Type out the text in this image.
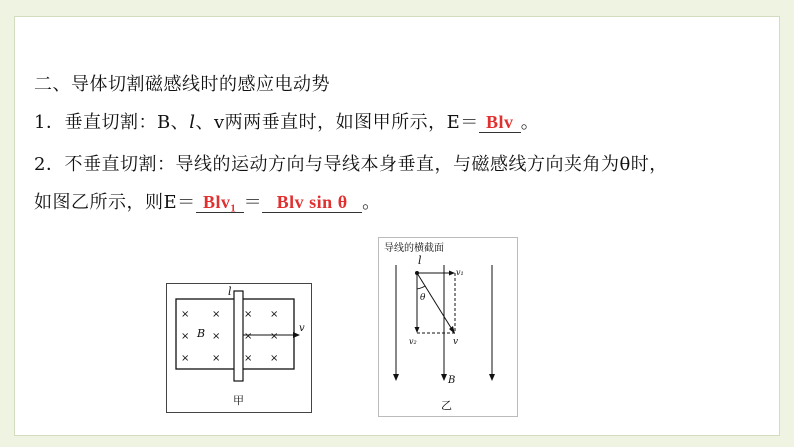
二、导体切割磁感线时的感应电动势
1．垂直切割：B、l、v两两垂直时，如图甲所示，E＝ Blv 。
2．不垂直切割：导线的运动方向与导线本身垂直，与磁感线方向夹角为θ时，
如图乙所示，则E＝ Blv₁ ＝ Blv sin θ 。
× ×
× ×
× ×
× ×
× ×
× ×
B
l
v
甲
导线的横截面
B
l
v₁
v₂	v
θ
乙
